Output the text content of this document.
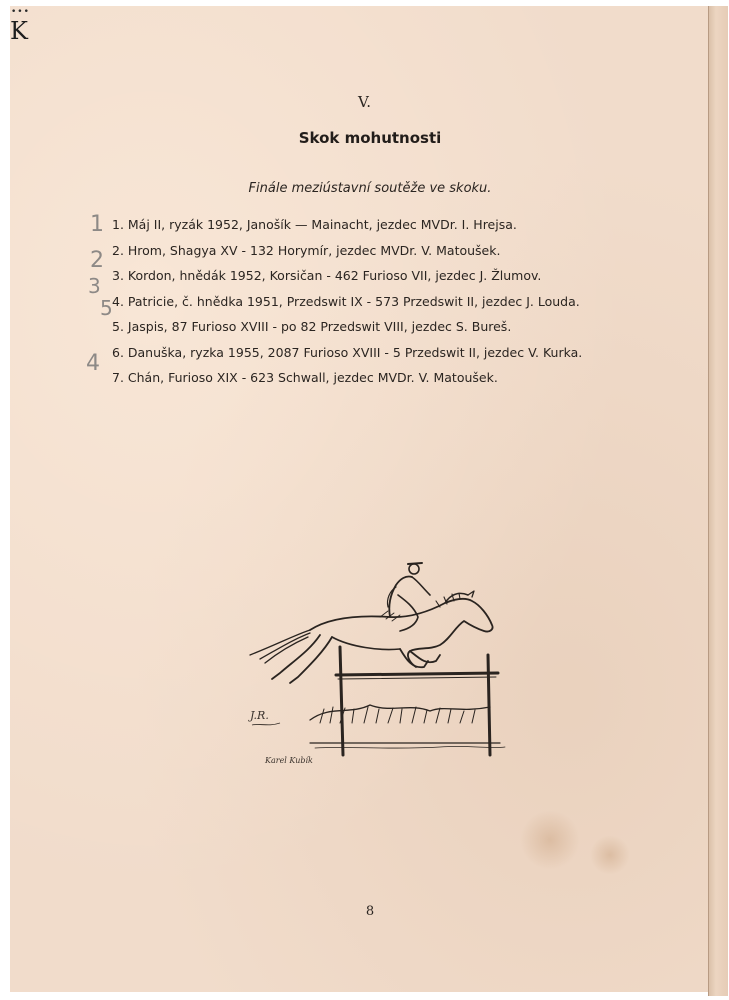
•••
K
V.
Skok mohutnosti
Finále meziústavní soutěže ve skoku.
1
2
3
5
4
1. Máj II, ryzák 1952, Janošík — Mainacht, jezdec MVDr. I. Hrejsa.
2. Hrom, Shagya XV - 132 Horymír, jezdec MVDr. V. Matoušek.
3. Kordon, hnědák 1952, Korsičan - 462 Furioso VII, jezdec J. Žlumov.
4. Patricie, č. hnědka 1951, Przedswit IX - 573 Przedswit II, jezdec J. Louda.
5. Jaspis, 87 Furioso XVIII - po 82 Przedswit VIII, jezdec S. Bureš.
6. Danuška, ryzka 1955, 2087 Furioso XVIII - 5 Przedswit II, jezdec V. Kurka.
7. Chán, Furioso XIX - 623 Schwall, jezdec MVDr. V. Matoušek.
J.R.
Karel Kubík
8
